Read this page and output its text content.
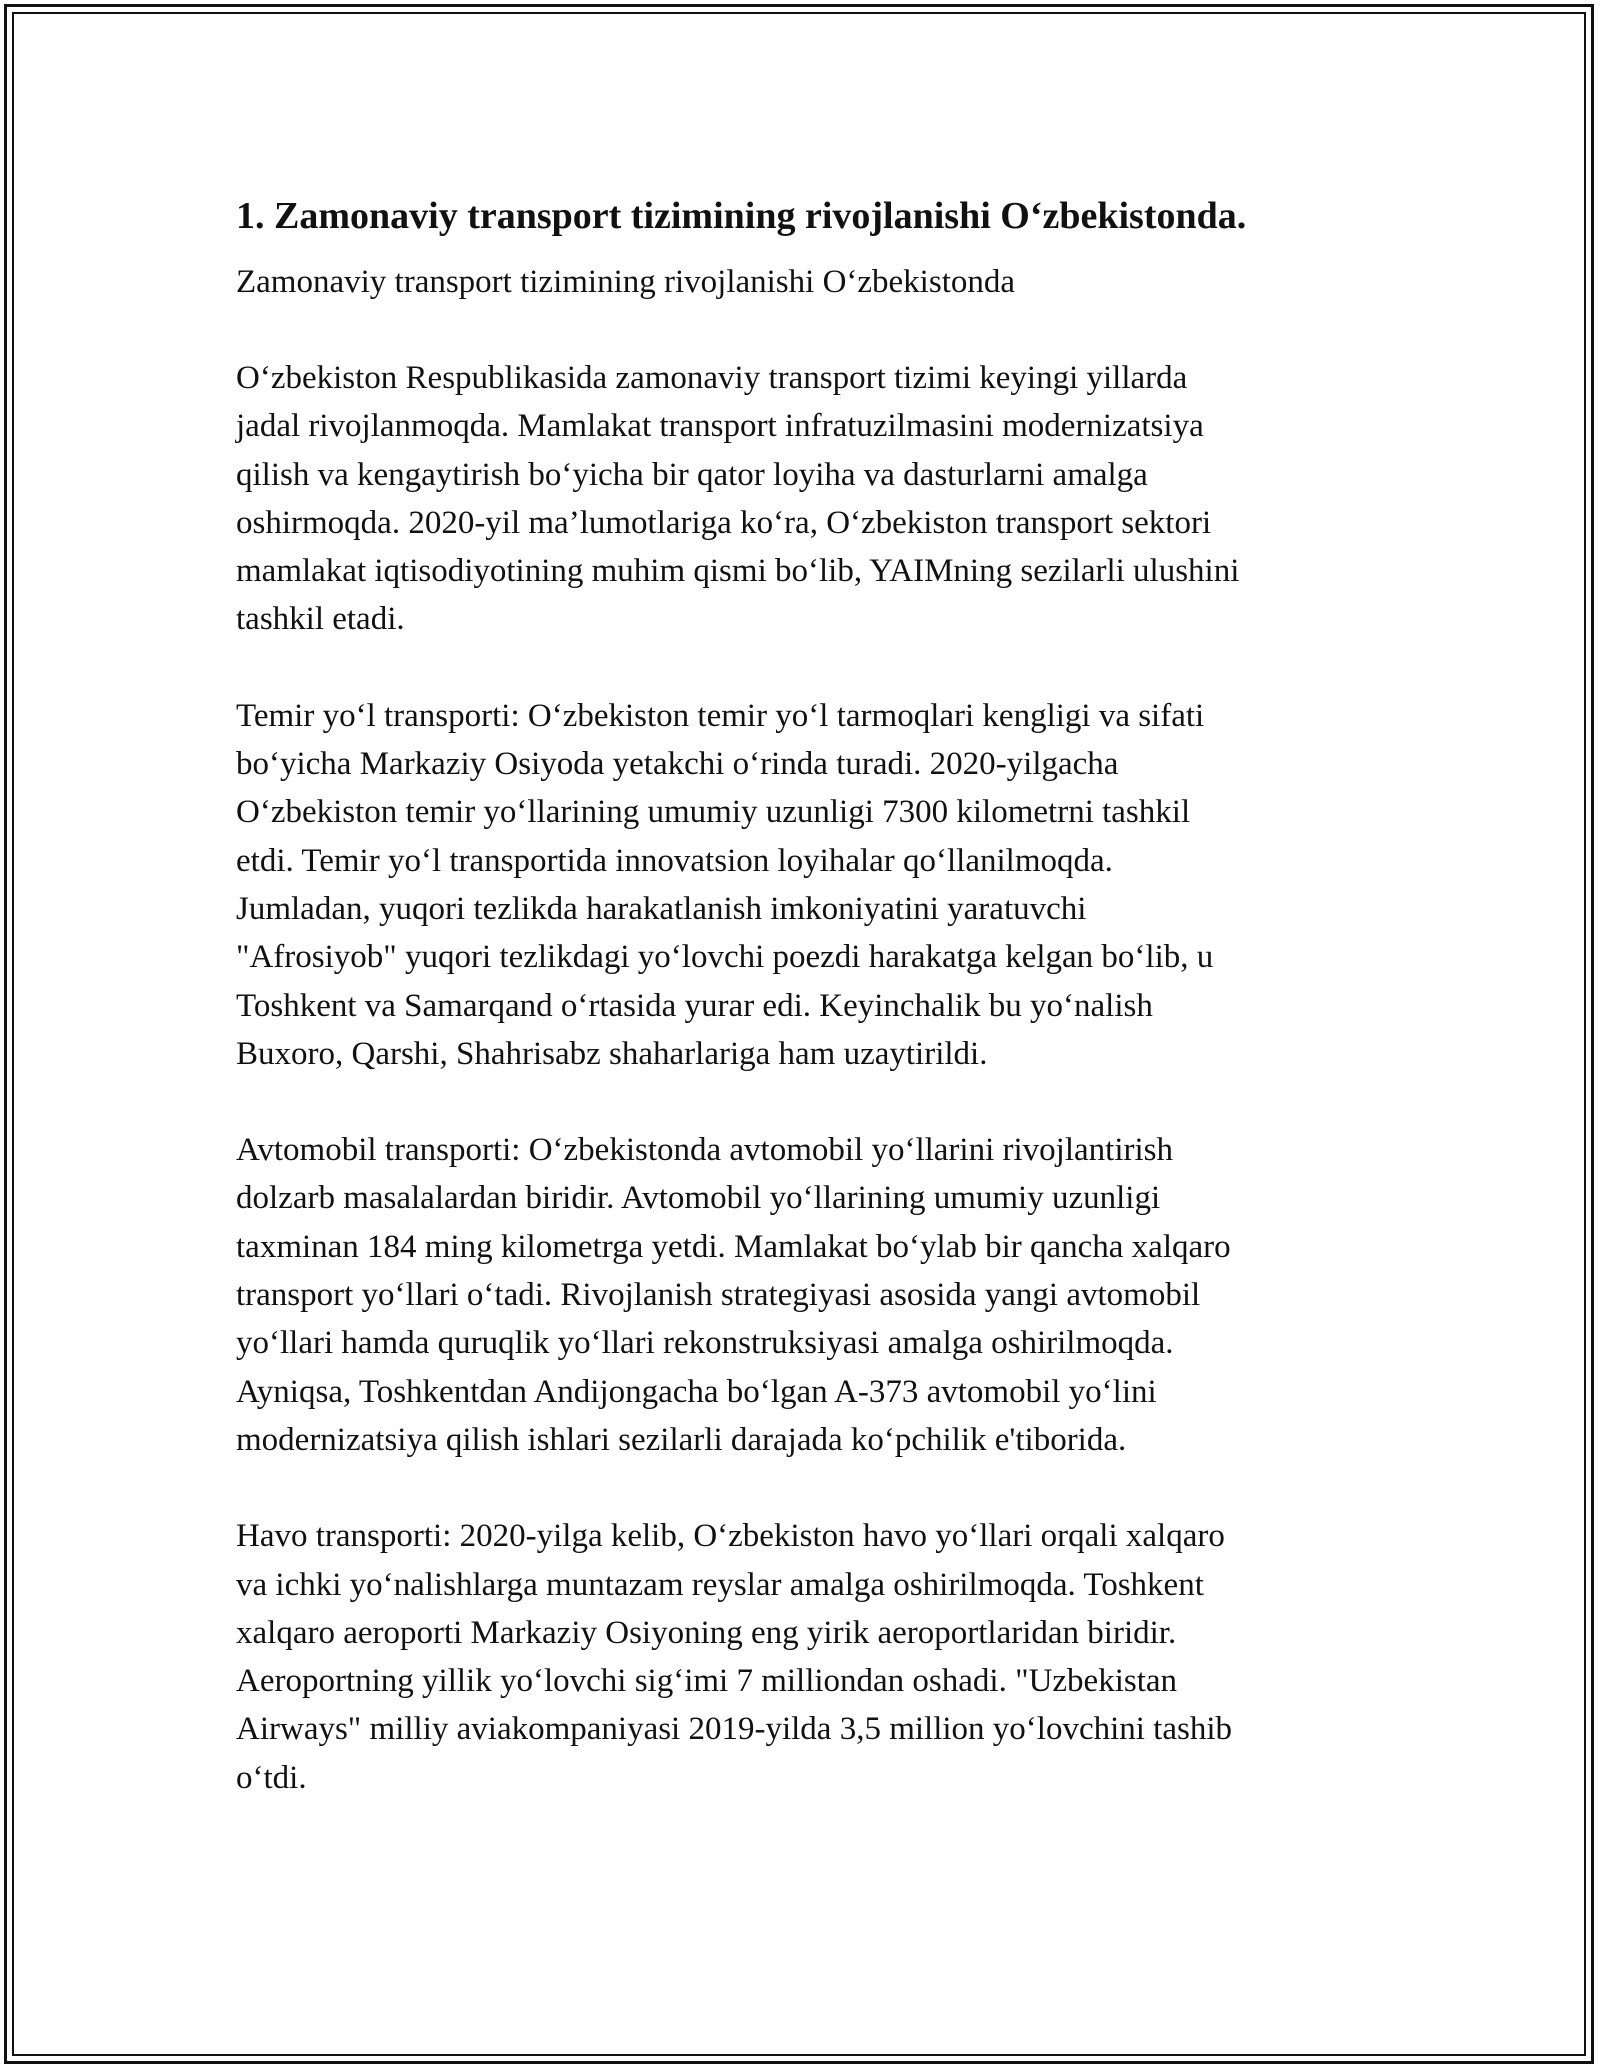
1. Zamonaviy transport tizimining rivojlanishi O‘zbekistonda.

Zamonaviy transport tizimining rivojlanishi O‘zbekistonda

O‘zbekiston Respublikasida zamonaviy transport tizimi keyingi yillarda
jadal rivojlanmoqda. Mamlakat transport infratuzilmasini modernizatsiya
qilish va kengaytirish bo‘yicha bir qator loyiha va dasturlarni amalga
oshirmoqda. 2020-yil ma’lumotlariga ko‘ra, O‘zbekiston transport sektori
mamlakat iqtisodiyotining muhim qismi bo‘lib, YAIMning sezilarli ulushini
tashkil etadi.

Temir yo‘l transporti: O‘zbekiston temir yo‘l tarmoqlari kengligi va sifati
bo‘yicha Markaziy Osiyoda yetakchi o‘rinda turadi. 2020-yilgacha
O‘zbekiston temir yo‘llarining umumiy uzunligi 7300 kilometrni tashkil
etdi. Temir yo‘l transportida innovatsion loyihalar qo‘llanilmoqda.
Jumladan, yuqori tezlikda harakatlanish imkoniyatini yaratuvchi
"Afrosiyob" yuqori tezlikdagi yo‘lovchi poezdi harakatga kelgan bo‘lib, u
Toshkent va Samarqand o‘rtasida yurar edi. Keyinchalik bu yo‘nalish
Buxoro, Qarshi, Shahrisabz shaharlariga ham uzaytirildi.

Avtomobil transporti: O‘zbekistonda avtomobil yo‘llarini rivojlantirish
dolzarb masalalardan biridir. Avtomobil yo‘llarining umumiy uzunligi
taxminan 184 ming kilometrga yetdi. Mamlakat bo‘ylab bir qancha xalqaro
transport yo‘llari o‘tadi. Rivojlanish strategiyasi asosida yangi avtomobil
yo‘llari hamda quruqlik yo‘llari rekonstruksiyasi amalga oshirilmoqda.
Ayniqsa, Toshkentdan Andijongacha bo‘lgan A-373 avtomobil yo‘lini
modernizatsiya qilish ishlari sezilarli darajada ko‘pchilik e'tiborida.

Havo transporti: 2020-yilga kelib, O‘zbekiston havo yo‘llari orqali xalqaro
va ichki yo‘nalishlarga muntazam reyslar amalga oshirilmoqda. Toshkent
xalqaro aeroporti Markaziy Osiyoning eng yirik aeroportlaridan biridir.
Aeroportning yillik yo‘lovchi sig‘imi 7 milliondan oshadi. "Uzbekistan
Airways" milliy aviakompaniyasi 2019-yilda 3,5 million yo‘lovchini tashib
o‘tdi.
